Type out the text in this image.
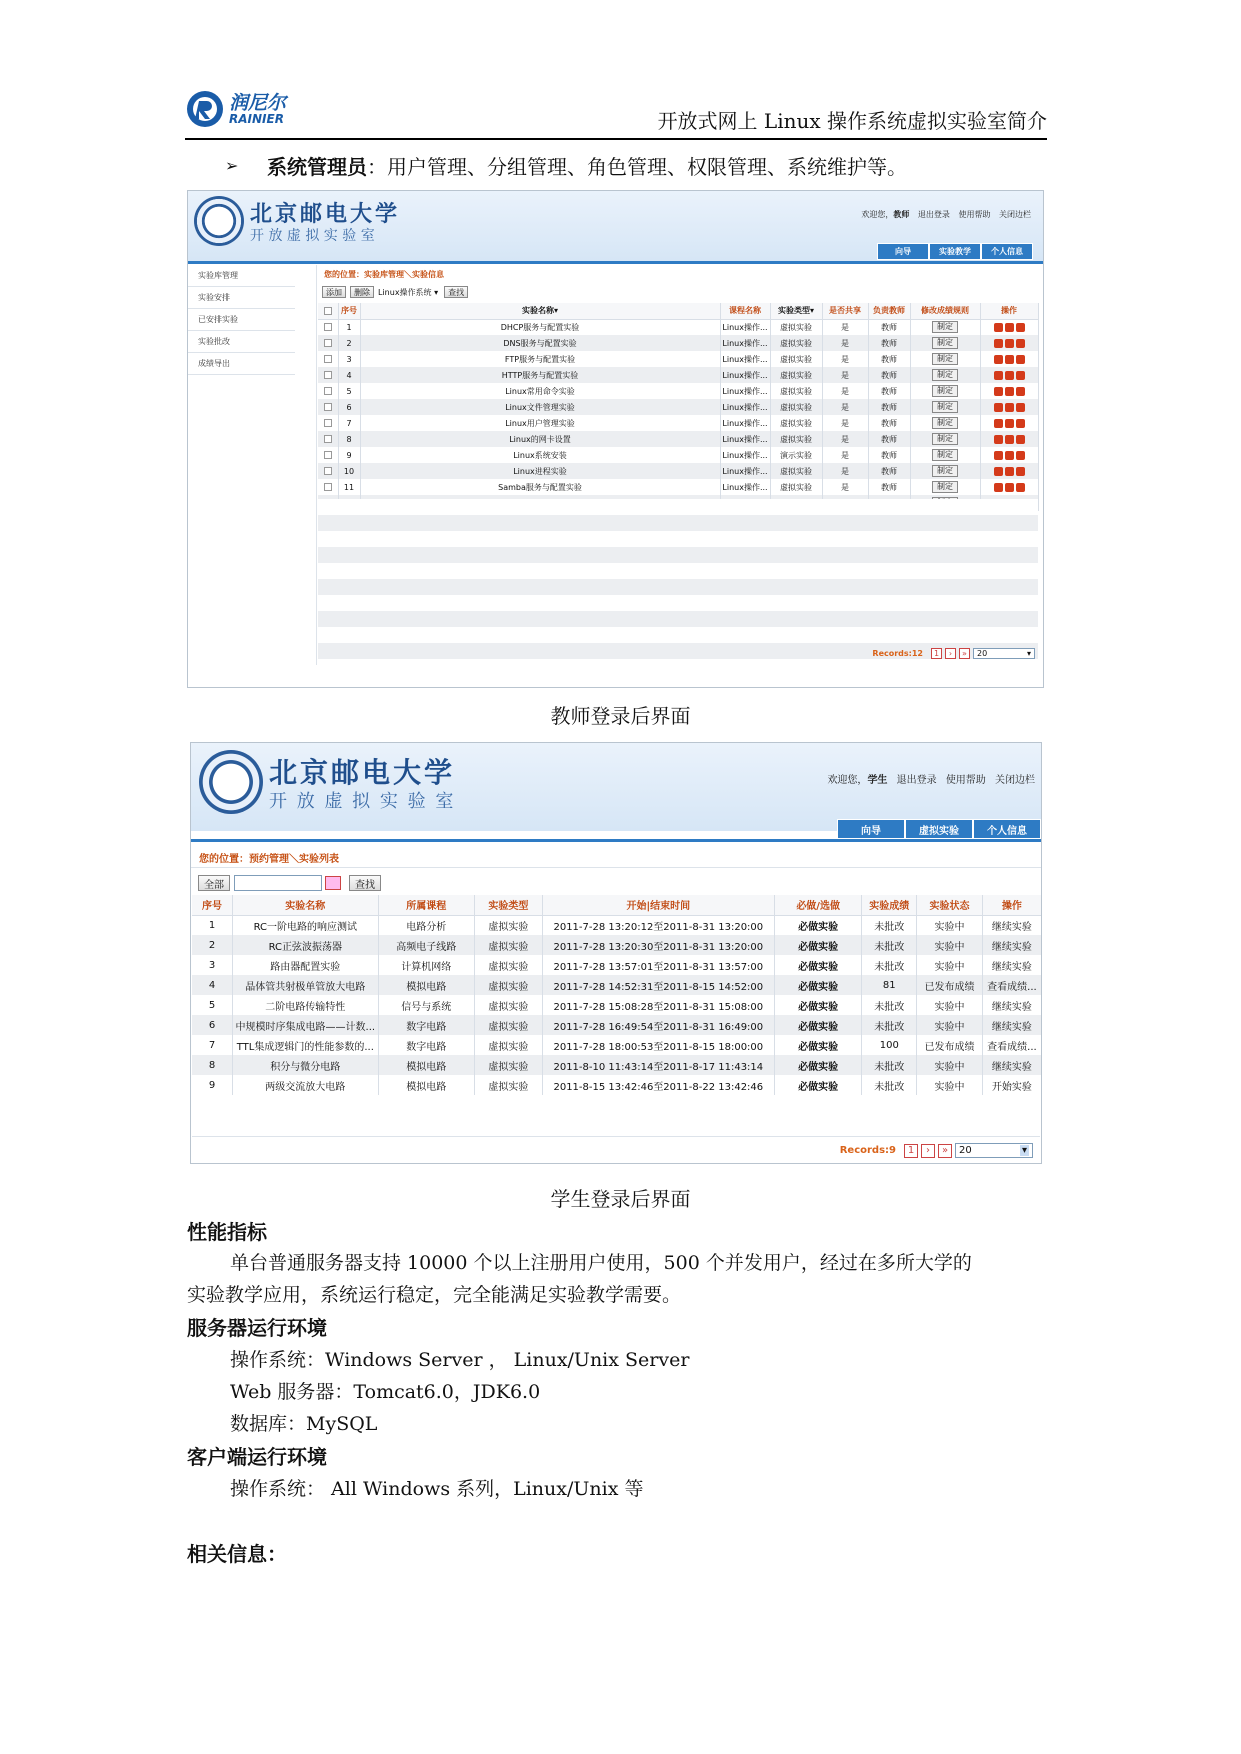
润尼尔
RAINIER	开放式网上 Linux 操作系统虚拟实验室简介
➢	系统管理员 ：用户管理、分组管理、角色管理、权限管理、系统维护等。
北京邮电大学
开 放 虚 拟 实 验 室
欢迎您，教师 退出登录 使用帮助 关闭边栏
向导	实验教学	个人信息
实验库管理
实验安排
已安排实验
实验批改
成绩导出
您的位置：实验库管理＼实验信息
添加	删除	Linux操作系统 ▾	查找
	序号	实验名称▾	课程名称	实验类型▾	是否共享	负责教师	修改成绩规则	操作
	1	DHCP服务与配置实验	Linux操作...	虚拟实验	是	教师	制定	
	2	DNS服务与配置实验	Linux操作...	虚拟实验	是	教师	制定	
	3	FTP服务与配置实验	Linux操作...	虚拟实验	是	教师	制定	
	4	HTTP服务与配置实验	Linux操作...	虚拟实验	是	教师	制定	
	5	Linux常用命令实验	Linux操作...	虚拟实验	是	教师	制定	
	6	Linux文件管理实验	Linux操作...	虚拟实验	是	教师	制定	
	7	Linux用户管理实验	Linux操作...	虚拟实验	是	教师	制定	
	8	Linux的网卡设置	Linux操作...	虚拟实验	是	教师	制定	
	9	Linux系统安装	Linux操作...	演示实验	是	教师	制定	
	10	Linux进程实验	Linux操作...	虚拟实验	是	教师	制定	
	11	Samba服务与配置实验	Linux操作...	虚拟实验	是	教师	制定	

Records:12	1	›	»	20	▾
教师登录后界面
北京邮电大学
开 放 虚 拟 实 验 室
欢迎您，学生 退出登录 使用帮助 关闭边栏
向导	虚拟实验	个人信息
您的位置：预约管理＼实验列表
全部	查找
序号	实验名称	所属课程	实验类型	开始|结束时间	必做/选做	实验成绩	实验状态	操作
1	RC一阶电路的响应测试	电路分析	虚拟实验	2011-7-28 13:20:12至2011-8-31 13:20:00	必做实验	未批改	实验中	继续实验
2	RC正弦波振荡器	高频电子线路	虚拟实验	2011-7-28 13:20:30至2011-8-31 13:20:00	必做实验	未批改	实验中	继续实验
3	路由器配置实验	计算机网络	虚拟实验	2011-7-28 13:57:01至2011-8-31 13:57:00	必做实验	未批改	实验中	继续实验
4	晶体管共射极单管放大电路	模拟电路	虚拟实验	2011-7-28 14:52:31至2011-8-15 14:52:00	必做实验	81	已发布成绩	查看成绩...
5	二阶电路传输特性	信号与系统	虚拟实验	2011-7-28 15:08:28至2011-8-31 15:08:00	必做实验	未批改	实验中	继续实验
6	中规模时序集成电路——计数...	数字电路	虚拟实验	2011-7-28 16:49:54至2011-8-31 16:49:00	必做实验	未批改	实验中	继续实验
7	TTL集成逻辑门的性能参数的...	数字电路	虚拟实验	2011-7-28 18:00:53至2011-8-15 18:00:00	必做实验	100	已发布成绩	查看成绩...
8	积分与微分电路	模拟电路	虚拟实验	2011-8-10 11:43:14至2011-8-17 11:43:14	必做实验	未批改	实验中	继续实验
9	两级交流放大电路	模拟电路	虚拟实验	2011-8-15 13:42:46至2011-8-22 13:42:46	必做实验	未批改	实验中	开始实验
Records:9	1	›	»	20	▾
学生登录后界面
性能指标
单台普通服务器支持 10000 个以上注册用户使用，500 个并发用户，经过在多所大学的
实验教学应用，系统运行稳定，完全能满足实验教学需要。
服务器运行环境
操作系统：Windows Server ， Linux/Unix Server
Web 服务器：Tomcat6.0，JDK6.0
数据库：MySQL
客户端运行环境
操作系统： All Windows 系列，Linux/Unix 等
相关信息：
